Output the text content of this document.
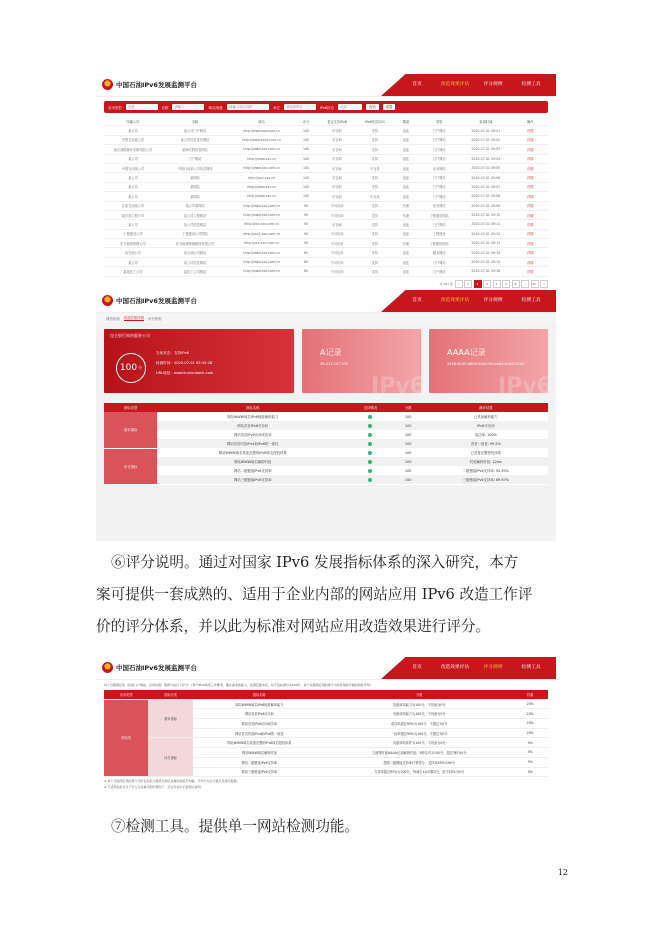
中国石油IPv6发展监测平台	首页	改造效果评估	评分规则	检测工具
应用类型	全部	名称	请输入	域名/地址	请输入域名或IP	单位	请选择单位	IPv6状态	全部	查询	重置
所属公司	名称	域名	评分	是否支持IPv6	IPv6首页访问	隧道	类型	检测时间	操作
某公司	某公司门户网站	http://www.example.cn	100	可访问	支持	直连	门户网站	2020-07-01 09:01	详情
中国石油某公司	某公司信息发布网站	http://www.xxxx.com.cn	100	可访问	支持	直连	门户网站	2020-07-01 09:02	详情
某石油勘探开发研究院公司	某研究院信息网站	http://www.xxx.com.cn	100	可访问	支持	直连	门户网站	2020-07-01 09:03	详情
某公司	门户网站	http://www.xxx.cn	100	可访问	支持	直连	门户网站	2020-07-01 09:04	详情
中国石油某公司	中国石油某公司信息网站	http://www.xxx.com.cn	100	可访问	不支持	直连	业务网站	2020-07-01 09:05	详情
某公司	某网站	http://xxx.xxx.cn	100	可访问	支持	直连	门户网站	2020-07-01 09:06	详情
某公司	某网站	http://www.xxx.cn	100	可访问	支持	直连	门户网站	2020-07-01 09:07	详情
某公司	某网站	http://www.xxx.cn	100	可访问	不支持	直连	门户网站	2020-07-01 09:08	详情
正某石油某公司	某公司某网站	http://www.xxx.com.cn	90	不可访问	支持	代理	业务网站	2020-07-01 09:09	详情
某石油工程公司	某公司工程网站	http://www.xxx.com.cn	90	不可访问	支持	代理	工程建设网站	2020-07-01 09:10	详情
某公司	某公司信息网站	http://xxx.xxx.com.cn	90	可访问	支持	直连	门户网站	2020-07-01 09:11	详情
工程建设公司	工程建设公司网站	http://xxx1.xxx.com.cn	90	不可访问	支持	直连	工程建设	2020-07-01 09:12	详情
东方地球物理公司	东方地球物理勘探有限公司	http://xxx.xxx.com.cn	90	不可访问	支持	代理	工程建设网站	2020-07-01 09:13	详情
某石油公司	某石油公司网站	http://www.xxx.com.cn	80	不可访问	支持	直连	服务网站	2020-07-01 09:14	详情
某公司	某公司信息网站	http://www.xxx.com.cn	80	不可访问	支持	直连	门户网站	2020-07-01 09:15	详情
某某化工公司	某化工公司网站	http://www.xxx.com.cn	80	不可访问	支持	直连	门户网站	2020-07-01 09:16	详情
共 191 条	‹	1	2	3	4	5	6	…	20	›
中国石油IPv6发展监测平台	首页	改造效果评估	评分规则	检测工具
网站检测 改造效果详情 评分规则
昆仑银行网络服务公司
100 分
当前状态：支持IPv6
检测时间：2020-07-01 09:35:28
URL地址：www.kunlunbank.com
A记录
36.211.107.222
IPv6
AAAA记录
2408:8140:d800:4001:f4::ea84:b108:2223
IPv6
指标类型	指标名称	支持情况	分数	测评结果
基本指标	网站WWW域名IPv6地址解析能力		100	已具备解析能力
	网站首页IPv6可访问		100	IPv6可访问
	网站首页IPv6访问成功率		100	成功率: 100%
	网站首页内容IPv4和IPv6的一致性		100	首页一致性: 99.5%
评分指标	网站WWW域名具备完整的IPv6域名授权体系		100	已具备完整授权体系
	网站WWW域名解析时延		100	时延解析时延: 12ms
	网站二级链接IPv6支持率		100	二级链接IPv6支持率: 92.95%
	网站三级链接IPv6支持率		100	三级链接IPv6支持率: 89.67%

⑥评分说明。通过对国家 IPv6 发展指标体系的深入研究，本方

案可提供一套成熟的、适用于企业内部的网站应用 IPv6 改造工作评

价的评分体系，并以此为标准对网站应用改造效果进行评分。

中国石油IPv6发展监测平台	首页	改造效果评估	评分规则	检测工具
每个互联网应用（包括门户网站、应用系统）的得分由以下评分：（每个IPv6改造工作要考，要在基本的能力，在满足要求后，每个指标满分为100分，每个互联网应用的得分为所有指标分值的加权平均）
应用类型	指标分类	指标名称	分数	权重
网站类	基本指标	网站WWW域名IPv6地址解析能力	具备该项能力为100分，不具备为0分	20%
		网站首页IPv6可访问	具备该项能力为100分，不具备为0分	20%
		网站首页IPv6访问成功率	成功率超过95%为100分，不超过为0分	20%
		网站首页内容IPv4和IPv6的一致性	一致率超过95%为100分，不超过为0分	20%
	评分指标	网站WWW域名具备完整的IPv6域名授权体系	具备该项条件为100分，不具备为0分	5%
		网站WWW域名解析时延	立演等时延AAAA记录解析时延，3秒以内为100分，超过3秒为0分	5%
		网站二级链接IPv6支持率	按照二级链接支持率计算得分，支持率95%为90分	5%
		网站三级链接IPv6支持率	支持率超过95%为100分，每减少1%扣除2分，低于50%为0分	5%
※ 每个互联网应用的得分为所有指标分值乘以相应权重的加权平均数，平均分为总分数以及排行数据。
※ 不适用指标可以不计入总权重分配的情况下，应在评估中记录相关说明。

⑦检测工具。提供单一网站检测功能。

12
